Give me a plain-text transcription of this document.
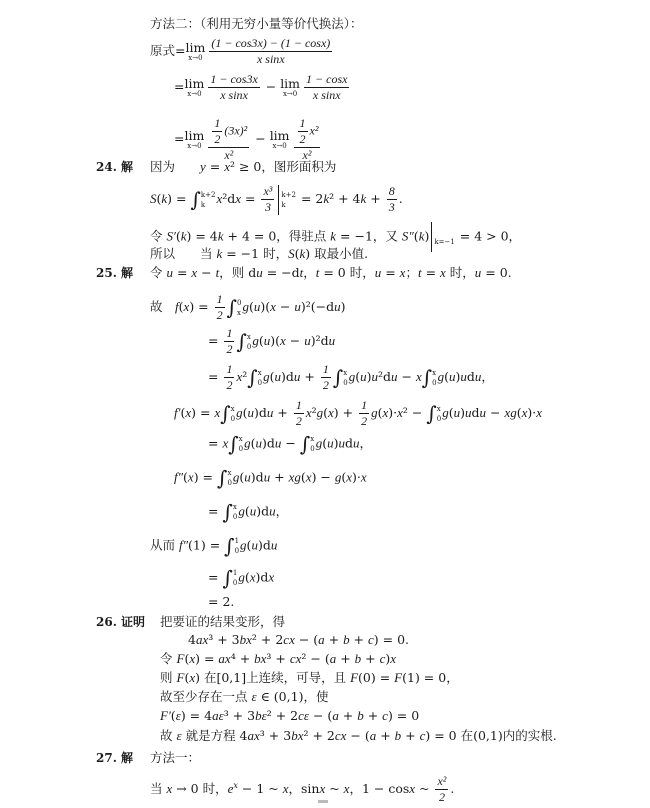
方法二：（利用无穷小量等价代换法）：
原式= lim
$x\to 0 \frac{(1 - \cos 3x) - (1 - \cos x)}{\text{x sinx}}$
= lim
$x\to 0 \frac{1 - \cos 3x}{\text{x sinx}} - \lim$
$x\to 0 \frac{1 - \cos x}{\text{x sinx}}$
= lim
$x\to 0 \frac{\frac{1}{2} (3x)^2}{\text{x²}} - \lim$
$x\to 0 \frac{\frac{1}{2} x^2}{\text{x²}}$
24. 解 因为　　y = x² ≥ 0，图形面积为
S(k) = ∫ k+2
k $x^2dx = \frac{\text{x³}}{3} k+2$
$k = 2k^2 + 4k + \frac{8}{3}$ .
令 S′(k) = 4k + 4 = 0，得驻点 k = −1，又 S″(k)
k=−1 = 4 > 0，
所以　　当 k = −1 时，S(k) 取最小值.
25. 解 令 u = x − t，则 du = −dt，t = 0 时，u = x；t = x 时，u = 0.
故　$f(x) = \frac{1}{2}$ ∫ 0
x g(u)(x − u)²(−du)
= $\frac{1}{2}$ ∫ x
0 g(u)(x − u)²du
= $\frac{1}{2} x^2\int$ x
0 $g(u)du + \frac{1}{2}$ ∫ x
0 g(u)u²du − x∫ x
0 g(u)udu，
f′(x) = x∫ x
0 $g(u)du + \frac{1}{2} x^2g(x) + \frac{1}{2} g(x)\cdot x^2$ − ∫ x
0 g(u)udu − xg(x)·x
= x∫ x
0 g(u)du − ∫ x
0 g(u)udu，
f″(x) = ∫ x
0 g(u)du + xg(x) − g(x)·x
= ∫ x
0 g(u)du，
从而 f″(1) = ∫ 1
0 g(u)du
= ∫ 1
0 g(x)dx
= 2.
26. 证明 把要证的结果变形，得
4ax³ + 3bx² + 2cx − (a + b + c) = 0.
令 F(x) = ax⁴ + bx³ + cx² − (a + b + c)x
则 F(x) 在[0,1]上连续，可导，且 F(0) = F(1) = 0，
故至少存在一点 ε ∈ (0,1)，使
F′(ε) = 4aε³ + 3bε² + 2cε − (a + b + c) = 0
故 ε 就是方程 4ax³ + 3bx² + 2cx − (a + b + c) = 0 在(0,1)内的实根.
27. 解 方法一：
当 x → 0 时，$e^x - 1$ ~ x，sinx ~ x，1 − cosx ~ $\frac{\text{x²}}{2}$ .
